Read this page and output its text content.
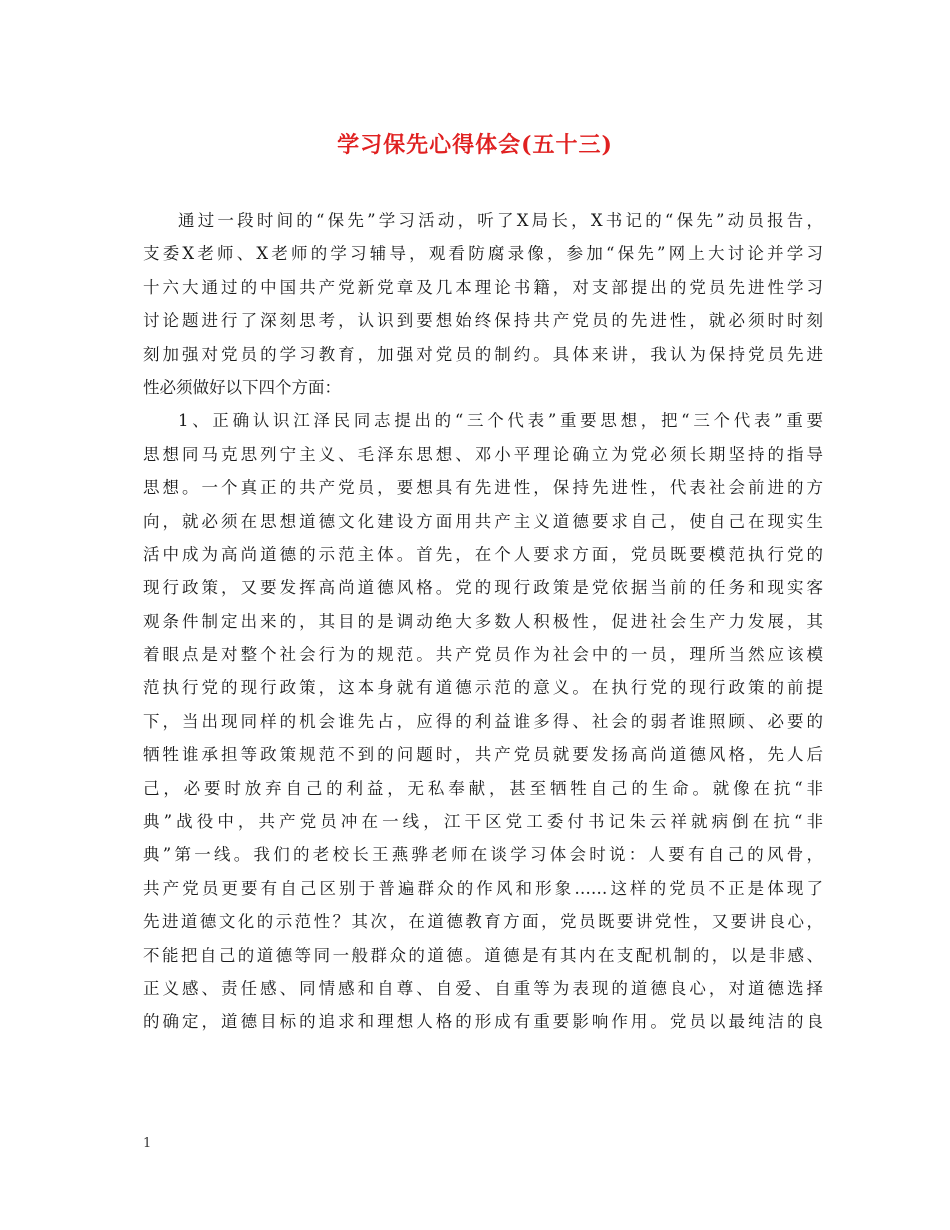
学习保先心得体会(五十三)
通过一段时间的“保先”学习活动，听了X局长，X书记的“保先”动员报告，
支委X老师、X老师的学习辅导，观看防腐录像，参加“保先”网上大讨论并学习
十六大通过的中国共产党新党章及几本理论书籍，对支部提出的党员先进性学习
讨论题进行了深刻思考，认识到要想始终保持共产党员的先进性，就必须时时刻
刻加强对党员的学习教育，加强对党员的制约。具体来讲，我认为保持党员先进
性必须做好以下四个方面：
1、正确认识江泽民同志提出的“三个代表”重要思想，把“三个代表”重要
思想同马克思列宁主义、毛泽东思想、邓小平理论确立为党必须长期坚持的指导
思想。一个真正的共产党员，要想具有先进性，保持先进性，代表社会前进的方
向，就必须在思想道德文化建设方面用共产主义道德要求自己，使自己在现实生
活中成为高尚道德的示范主体。首先，在个人要求方面，党员既要模范执行党的
现行政策，又要发挥高尚道德风格。党的现行政策是党依据当前的任务和现实客
观条件制定出来的，其目的是调动绝大多数人积极性，促进社会生产力发展，其
着眼点是对整个社会行为的规范。共产党员作为社会中的一员，理所当然应该模
范执行党的现行政策，这本身就有道德示范的意义。在执行党的现行政策的前提
下，当出现同样的机会谁先占，应得的利益谁多得、社会的弱者谁照顾、必要的
牺牲谁承担等政策规范不到的问题时，共产党员就要发扬高尚道德风格，先人后
己，必要时放弃自己的利益，无私奉献，甚至牺牲自己的生命。就像在抗“非
典”战役中，共产党员冲在一线，江干区党工委付书记朱云祥就病倒在抗“非
典”第一线。我们的老校长王燕骅老师在谈学习体会时说：人要有自己的风骨，
共产党员更要有自己区别于普遍群众的作风和形象……这样的党员不正是体现了
先进道德文化的示范性？其次，在道德教育方面，党员既要讲党性，又要讲良心，
不能把自己的道德等同一般群众的道德。道德是有其内在支配机制的，以是非感、
正义感、责任感、同情感和自尊、自爱、自重等为表现的道德良心，对道德选择
的确定，道德目标的追求和理想人格的形成有重要影响作用。党员以最纯洁的良
1
